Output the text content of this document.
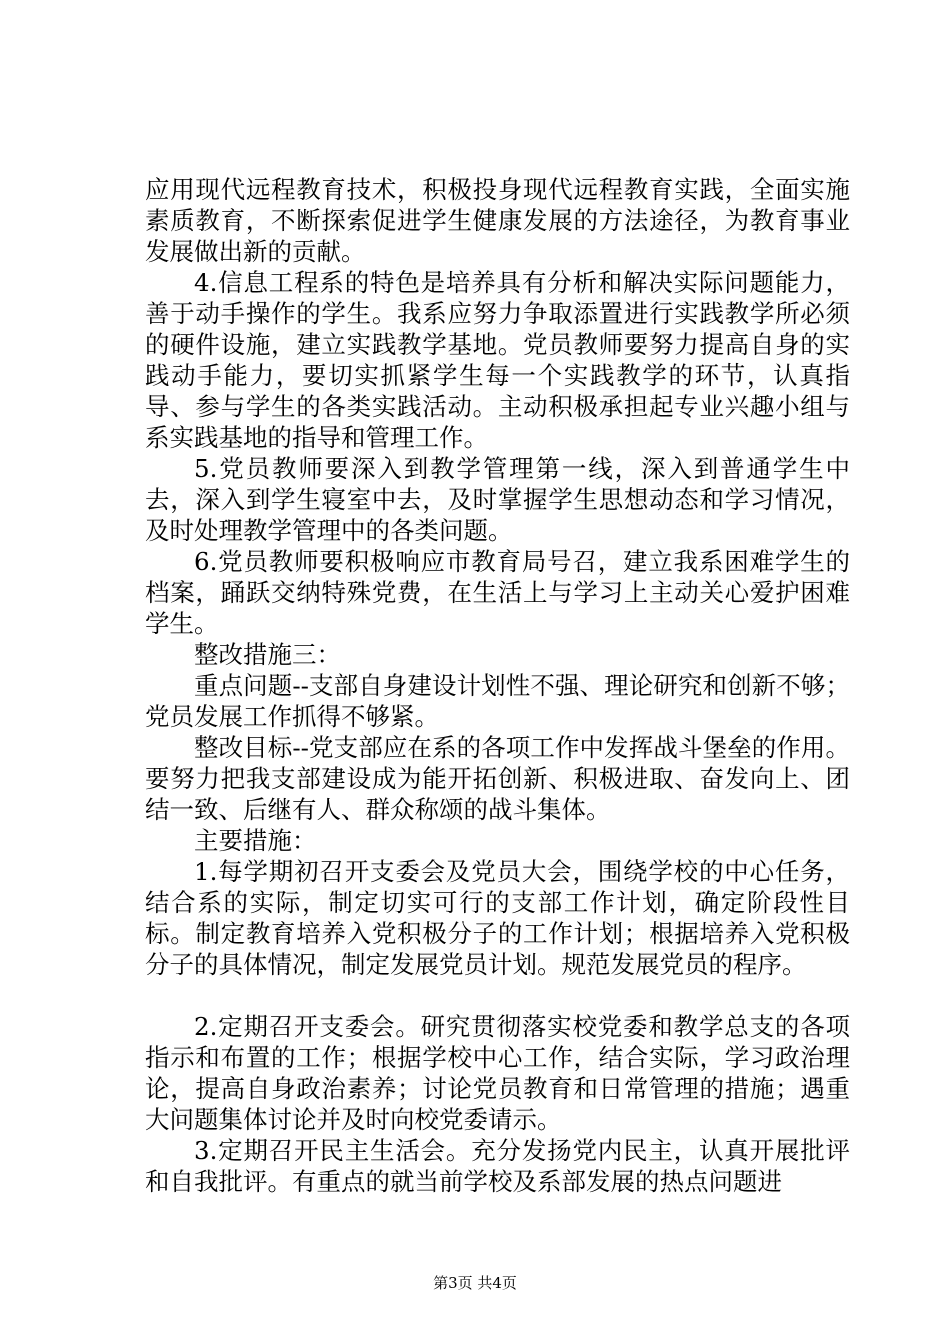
应用现代远程教育技术，积极投身现代远程教育实践，全面实施素质教育，不断探索促进学生健康发展的方法途径，为教育事业发展做出新的贡献。

4.信息工程系的特色是培养具有分析和解决实际问题能力，善于动手操作的学生。我系应努力争取添置进行实践教学所必须的硬件设施，建立实践教学基地。党员教师要努力提高自身的实践动手能力，要切实抓紧学生每一个实践教学的环节，认真指导、参与学生的各类实践活动。主动积极承担起专业兴趣小组与系实践基地的指导和管理工作。

5.党员教师要深入到教学管理第一线，深入到普通学生中去，深入到学生寝室中去，及时掌握学生思想动态和学习情况，及时处理教学管理中的各类问题。

6.党员教师要积极响应市教育局号召，建立我系困难学生的档案，踊跃交纳特殊党费，在生活上与学习上主动关心爱护困难学生。

整改措施三：

重点问题--支部自身建设计划性不强、理论研究和创新不够；党员发展工作抓得不够紧。

整改目标--党支部应在系的各项工作中发挥战斗堡垒的作用。要努力把我支部建设成为能开拓创新、积极进取、奋发向上、团结一致、后继有人、群众称颂的战斗集体。

主要措施：

1.每学期初召开支委会及党员大会，围绕学校的中心任务，结合系的实际，制定切实可行的支部工作计划，确定阶段性目标。制定教育培养入党积极分子的工作计划；根据培养入党积极分子的具体情况，制定发展党员计划。规范发展党员的程序。

2.定期召开支委会。研究贯彻落实校党委和教学总支的各项指示和布置的工作；根据学校中心工作，结合实际，学习政治理论，提高自身政治素养；讨论党员教育和日常管理的措施；遇重大问题集体讨论并及时向校党委请示。

3.定期召开民主生活会。充分发扬党内民主，认真开展批评和自我批评。有重点的就当前学校及系部发展的热点问题进

第3页 共4页
